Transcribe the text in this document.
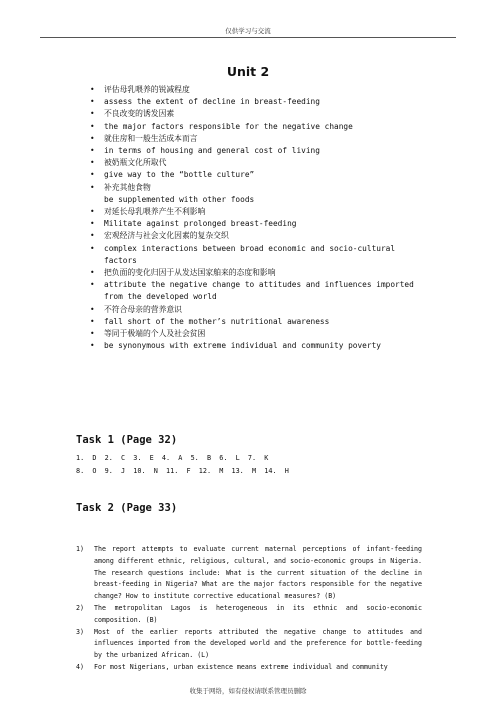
仅供学习与交流
Unit 2
• 评估母乳喂养的锐减程度
• assess the extent of decline in breast-feeding
• 不良改变的诱发因素
• the major factors responsible for the negative change
• 就住房和一般生活成本而言
• in terms of housing and general cost of living
• 被奶瓶文化所取代
• give way to the “bottle culture”
• 补充其他食物
be supplemented with other foods
• 对延长母乳喂养产生不利影响
• Militate against prolonged breast-feeding
• 宏观经济与社会文化因素的复杂交织
• complex interactions between broad economic and socio-cultural
factors
• 把负面的变化归因于从发达国家舶来的态度和影响
• attribute the negative change to attitudes and influences imported
from the developed world
• 不符合母亲的营养意识
• fall short of the mother’s nutritional awareness
• 等同于极端的个人及社会贫困
• be synonymous with extreme individual and community poverty
Task 1 (Page 32)
1.  D  2.  C  3.  E  4.  A  5.  B  6.  L  7.  K
8.  O  9.  J  10.  N  11.  F  12.  M  13.  M  14.  H
Task 2 (Page 33)
1) The report attempts to evaluate current maternal perceptions of infant-feeding among different ethnic, religious, cultural, and socio-economic groups in Nigeria. The research questions include: What is the current situation of the decline in breast-feeding in Nigeria? What are the major factors responsible for the negative change? How to institute corrective educational measures? (B)
2) The metropolitan Lagos is heterogeneous in its ethnic and socio-economic composition. (B)
3) Most of the earlier reports attributed the negative change to attitudes and influences imported from the developed world and the preference for bottle-feeding by the urbanized African. (L)
4) For most Nigerians, urban existence means extreme individual and community
收集于网络，如有侵权请联系管理员删除
